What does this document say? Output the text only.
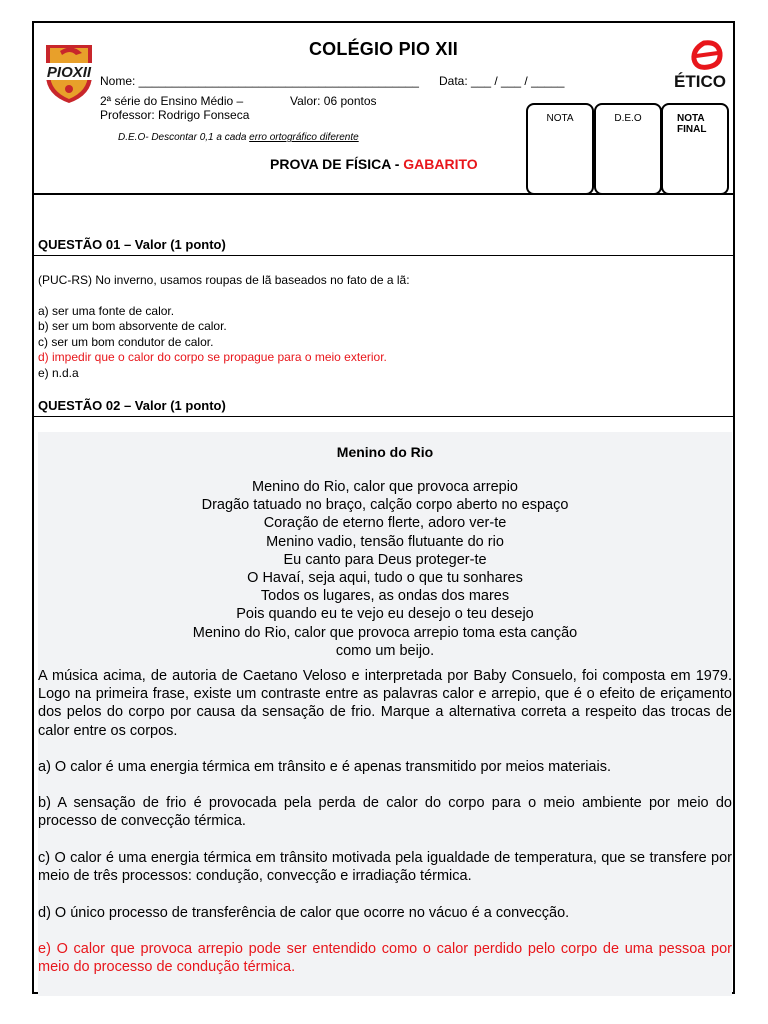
PIOXII	ÉTICO
COLÉGIO PIO XII
Nome: __________________________________________ Data: ___ / ___ / _____
2ª série do Ensino Médio –	Valor: 06 pontos
Professor: Rodrigo Fonseca
D.E.O- Descontar 0,1 a cada erro ortográfico diferente
PROVA DE FÍSICA - GABARITO
NOTA	D.E.O	NOTA
FINAL
QUESTÃO 01 – Valor (1 ponto)
(PUC-RS) No inverno, usamos roupas de lã baseados no fato de a lã:
a) ser uma fonte de calor.
b) ser um bom absorvente de calor.
c) ser um bom condutor de calor.
d) impedir que o calor do corpo se propague para o meio exterior.
e) n.d.a
QUESTÃO 02 – Valor (1 ponto)
Menino do Rio
Menino do Rio, calor que provoca arrepio
Dragão tatuado no braço, calção corpo aberto no espaço
Coração de eterno flerte, adoro ver-te
Menino vadio, tensão flutuante do rio
Eu canto para Deus proteger-te
O Havaí, seja aqui, tudo o que tu sonhares
Todos os lugares, as ondas dos mares
Pois quando eu te vejo eu desejo o teu desejo
Menino do Rio, calor que provoca arrepio toma esta canção
como um beijo.
A música acima, de autoria de Caetano Veloso e interpretada por Baby Consuelo, foi composta em 1979. Logo na primeira frase, existe um contraste entre as palavras calor e arrepio, que é o efeito de eriçamento dos pelos do corpo por causa da sensação de frio. Marque a alternativa correta a respeito das trocas de calor entre os corpos.
a) O calor é uma energia térmica em trânsito e é apenas transmitido por meios materiais.
b) A sensação de frio é provocada pela perda de calor do corpo para o meio ambiente por meio do processo de convecção térmica.
c) O calor é uma energia térmica em trânsito motivada pela igualdade de temperatura, que se transfere por meio de três processos: condução, convecção e irradiação térmica.
d) O único processo de transferência de calor que ocorre no vácuo é a convecção.
e) O calor que provoca arrepio pode ser entendido como o calor perdido pelo corpo de uma pessoa por meio do processo de condução térmica.
